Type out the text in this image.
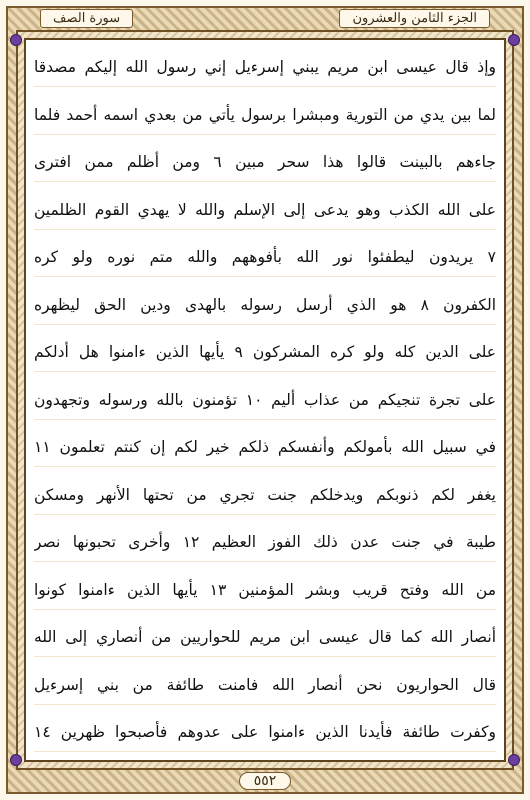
سورة الصف	الجزء الثامن والعشرون
وإذ قال عيسى ابن مريم يبني إسرءيل إني رسول الله إليكم مصدقا
لما بين يدي من التورية ومبشرا برسول يأتي من بعدي اسمه أحمد فلما
جاءهم بالبينت قالوا هذا سحر مبين ٦ ومن أظلم ممن افترى
على الله الكذب وهو يدعى إلى الإسلم والله لا يهدي القوم الظلمين
٧ يريدون ليطفئوا نور الله بأفوههم والله متم نوره ولو كره
الكفرون ٨ هو الذي أرسل رسوله بالهدى ودين الحق ليظهره
على الدين كله ولو كره المشركون ٩ يأيها الذين ءامنوا هل أدلكم
على تجرة تنجيكم من عذاب أليم ١٠ تؤمنون بالله ورسوله وتجهدون
في سبيل الله بأمولكم وأنفسكم ذلكم خير لكم إن كنتم تعلمون ١١
يغفر لكم ذنوبكم ويدخلكم جنت تجري من تحتها الأنهر ومسكن
طيبة في جنت عدن ذلك الفوز العظيم ١٢ وأخرى تحبونها نصر
من الله وفتح قريب وبشر المؤمنين ١٣ يأيها الذين ءامنوا كونوا
أنصار الله كما قال عيسى ابن مريم للحواريين من أنصاري إلى الله
قال الحواريون نحن أنصار الله فامنت طائفة من بني إسرءيل
وكفرت طائفة فأيدنا الذين ءامنوا على عدوهم فأصبحوا ظهرين ١٤
٥٥٢
